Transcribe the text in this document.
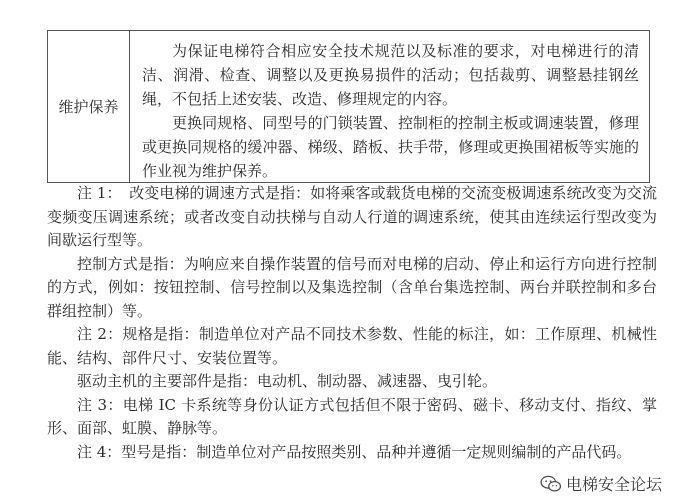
维护保养

为保证电梯符合相应安全技术规范以及标准的要求，对电梯进行的清洁、润滑、检查、调整以及更换易损件的活动；包括裁剪、调整悬挂钢丝绳，不包括上述安装、改造、修理规定的内容。

更换同规格、同型号的门锁装置、控制柜的控制主板或调速装置，修理或更换同规格的缓冲器、梯级、踏板、扶手带，修理或更换围裙板等实施的作业视为维护保养。

注 1：　改变电梯的调速方式是指：如将乘客或载货电梯的交流变极调速系统改变为交流变频变压调速系统；或者改变自动扶梯与自动人行道的调速系统，使其由连续运行型改变为间歇运行型等。

控制方式是指：为响应来自操作装置的信号而对电梯的启动、停止和运行方向进行控制的方式，例如：按钮控制、信号控制以及集选控制（含单台集选控制、两台并联控制和多台群组控制）等。

注 2：规格是指：制造单位对产品不同技术参数、性能的标注，如：工作原理、机械性能、结构、部件尺寸、安装位置等。

驱动主机的主要部件是指：电动机、制动器、减速器、曳引轮。

注 3：电梯 IC 卡系统等身份认证方式包括但不限于密码、磁卡、移动支付、指纹、掌形、面部、虹膜、静脉等。

注 4：型号是指：制造单位对产品按照类别、品种并遵循一定规则编制的产品代码。

电梯安全论坛
